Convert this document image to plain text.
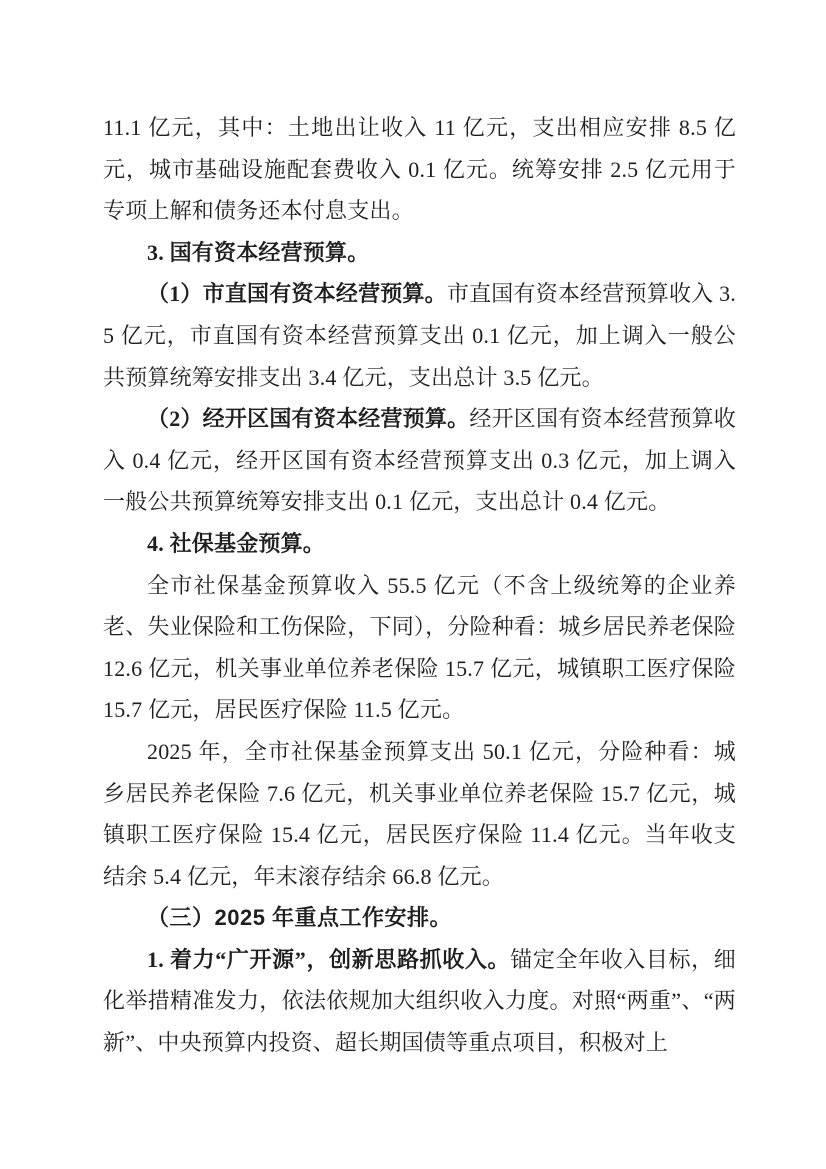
11.1 亿元，其中：土地出让收入 11 亿元，支出相应安排 8.5 亿元，城市基础设施配套费收入 0.1 亿元。统筹安排 2.5 亿元用于专项上解和债务还本付息支出。

3. 国有资本经营预算。

（1）市直国有资本经营预算。市直国有资本经营预算收入 3.5 亿元，市直国有资本经营预算支出 0.1 亿元，加上调入一般公共预算统筹安排支出 3.4 亿元，支出总计 3.5 亿元。

（2）经开区国有资本经营预算。经开区国有资本经营预算收入 0.4 亿元，经开区国有资本经营预算支出 0.3 亿元，加上调入一般公共预算统筹安排支出 0.1 亿元，支出总计 0.4 亿元。

4. 社保基金预算。

全市社保基金预算收入 55.5 亿元（不含上级统筹的企业养老、失业保险和工伤保险，下同），分险种看：城乡居民养老保险 12.6 亿元，机关事业单位养老保险 15.7 亿元，城镇职工医疗保险 15.7 亿元，居民医疗保险 11.5 亿元。

2025 年，全市社保基金预算支出 50.1 亿元，分险种看：城乡居民养老保险 7.6 亿元，机关事业单位养老保险 15.7 亿元，城镇职工医疗保险 15.4 亿元，居民医疗保险 11.4 亿元。当年收支结余 5.4 亿元，年末滚存结余 66.8 亿元。

（三）2025 年重点工作安排。

1. 着力“广开源”，创新思路抓收入。锚定全年收入目标，细化举措精准发力，依法依规加大组织收入力度。对照“两重”、“两新”、中央预算内投资、超长期国债等重点项目，积极对上
